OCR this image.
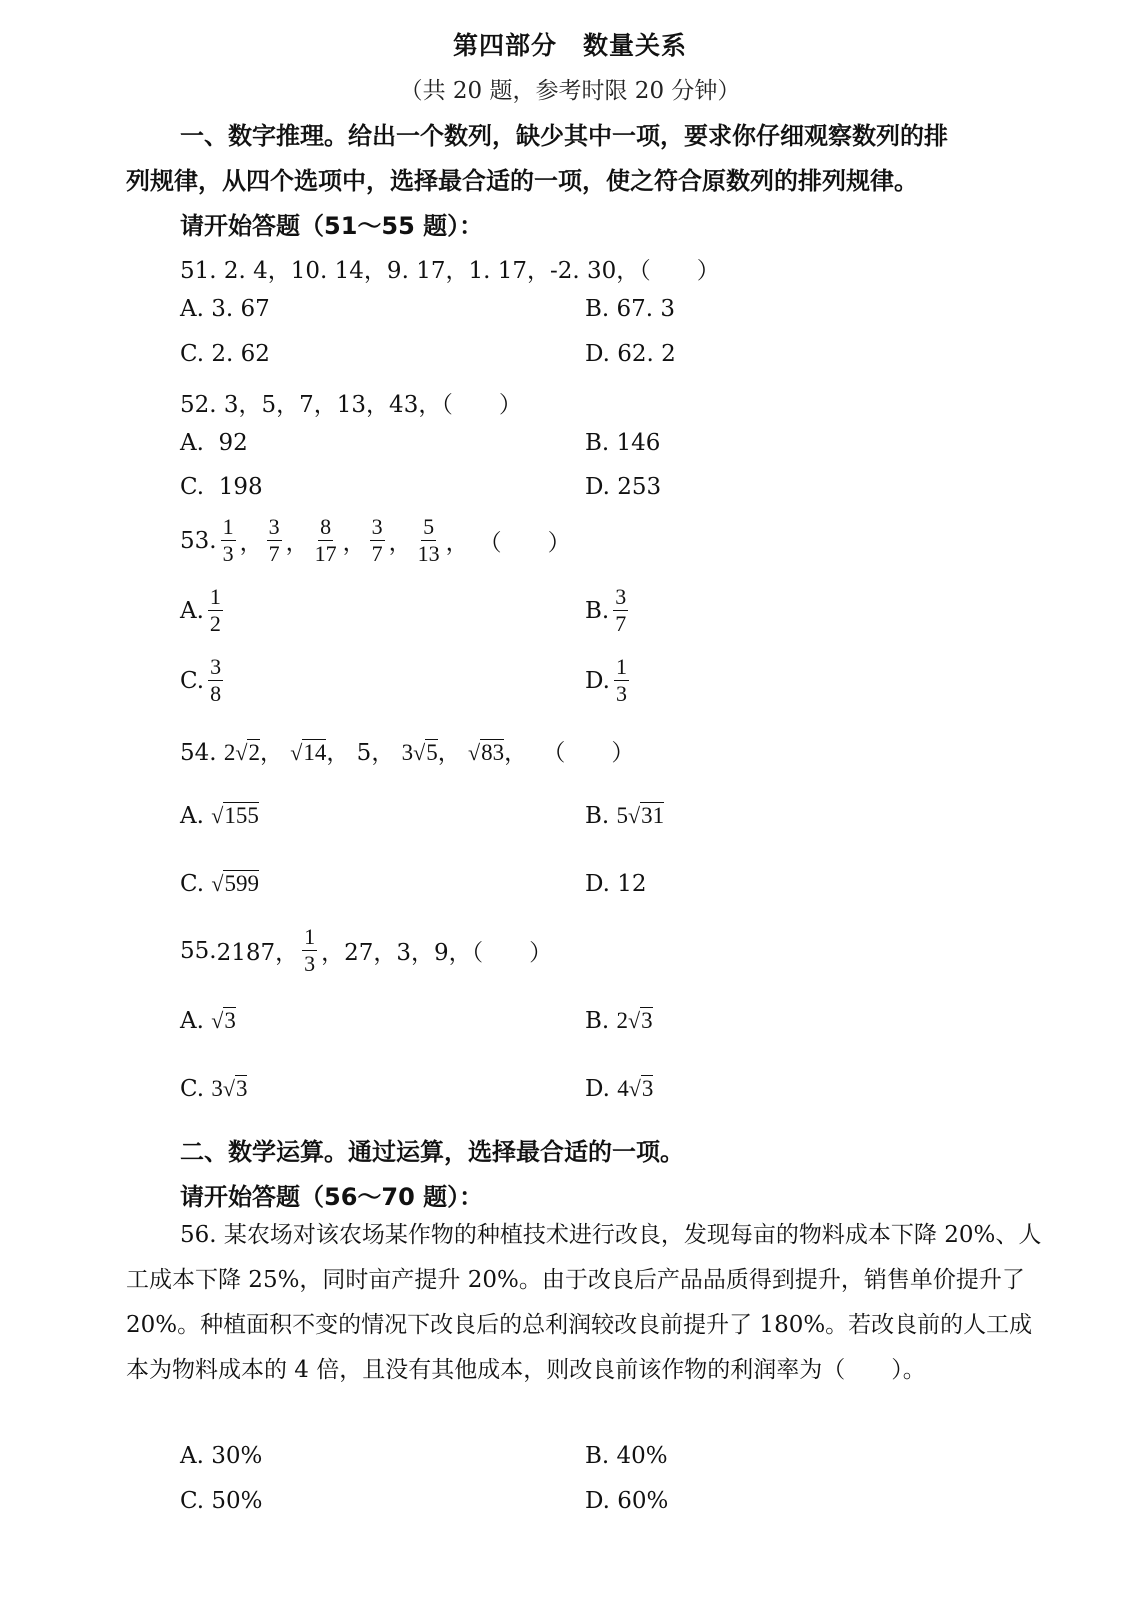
第四部分　数量关系
（共 20 题，参考时限 20 分钟）
一、数字推理。给出一个数列，缺少其中一项，要求你仔细观察数列的排
列规律，从四个选项中，选择最合适的一项，使之符合原数列的排列规律。
请开始答题（51～55 题）：
51. 2. 4，10. 14，9. 17，1. 17，-2. 30，（　　）
A. 3. 67	B. 67. 3
C. 2. 62	D. 62. 2
52. 3，5，7，13，43，（　　）
A.  92	B. 146
C.  198	D. 253
53. $\frac{1}{3}$ ， $\frac{3}{7}$ ， $\frac{8}{17}$ ， $\frac{3}{7}$ ， $\frac{5}{13}$ ， （　　）
A. $\frac{1}{2}$	B. $\frac{3}{7}$
C. $\frac{3}{8}$	D. $\frac{1}{3}$
54. 2√2， √14， 5， 3√5， √83， （　　）
A. √155	B. 5√31
C. √599	D. 12
55. 2187， $\frac{1}{3}$ ，27，3，9，（　　）
A. √3	B. 2√3
C. 3√3	D. 4√3
二、数学运算。通过运算，选择最合适的一项。
请开始答题（56～70 题）：
56. 某农场对该农场某作物的种植技术进行改良，发现每亩的物料成本下降 20%、人工成本下降 25%，同时亩产提升 20%。由于改良后产品品质得到提升，销售单价提升了 20%。种植面积不变的情况下改良后的总利润较改良前提升了 180%。若改良前的人工成本为物料成本的 4 倍，且没有其他成本，则改良前该作物的利润率为（　　）。
A. 30%	B. 40%
C. 50%	D. 60%
